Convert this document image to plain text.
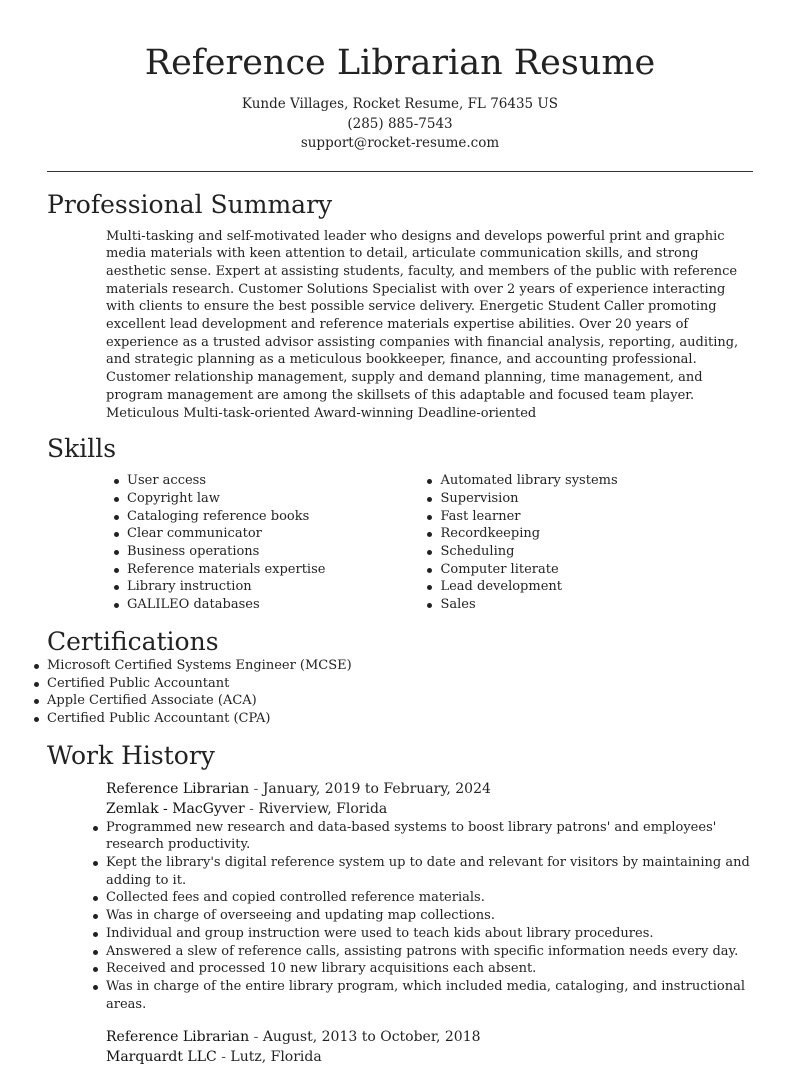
Reference Librarian Resume
Kunde Villages, Rocket Resume, FL 76435 US
(285) 885-7543
support@rocket-resume.com
Professional Summary

Multi-tasking and self-motivated leader who designs and develops powerful print and graphic media materials with keen attention to detail, articulate communication skills, and strong aesthetic sense. Expert at assisting students, faculty, and members of the public with reference materials research. Customer Solutions Specialist with over 2 years of experience interacting with clients to ensure the best possible service delivery. Energetic Student Caller promoting excellent lead development and reference materials expertise abilities. Over 20 years of experience as a trusted advisor assisting companies with financial analysis, reporting, auditing, and strategic planning as a meticulous bookkeeper, finance, and accounting professional. Customer relationship management, supply and demand planning, time management, and program management are among the skillsets of this adaptable and focused team player. Meticulous Multi-task-oriented Award-winning Deadline-oriented

Skills
User access
Copyright law
Cataloging reference books
Clear communicator
Business operations
Reference materials expertise
Library instruction
GALILEO databases
Automated library systems
Supervision
Fast learner
Recordkeeping
Scheduling
Computer literate
Lead development
Sales
Certifications
Microsoft Certified Systems Engineer (MCSE)
Certified Public Accountant
Apple Certified Associate (ACA)
Certified Public Accountant (CPA)
Work History
Reference Librarian - January, 2019 to February, 2024
Zemlak - MacGyver - Riverview, Florida
Programmed new research and data-based systems to boost library patrons' and employees' research productivity.
Kept the library's digital reference system up to date and relevant for visitors by maintaining and adding to it.
Collected fees and copied controlled reference materials.
Was in charge of overseeing and updating map collections.
Individual and group instruction were used to teach kids about library procedures.
Answered a slew of reference calls, assisting patrons with specific information needs every day.
Received and processed 10 new library acquisitions each absent.
Was in charge of the entire library program, which included media, cataloging, and instructional areas.
Reference Librarian - August, 2013 to October, 2018
Marquardt LLC - Lutz, Florida
